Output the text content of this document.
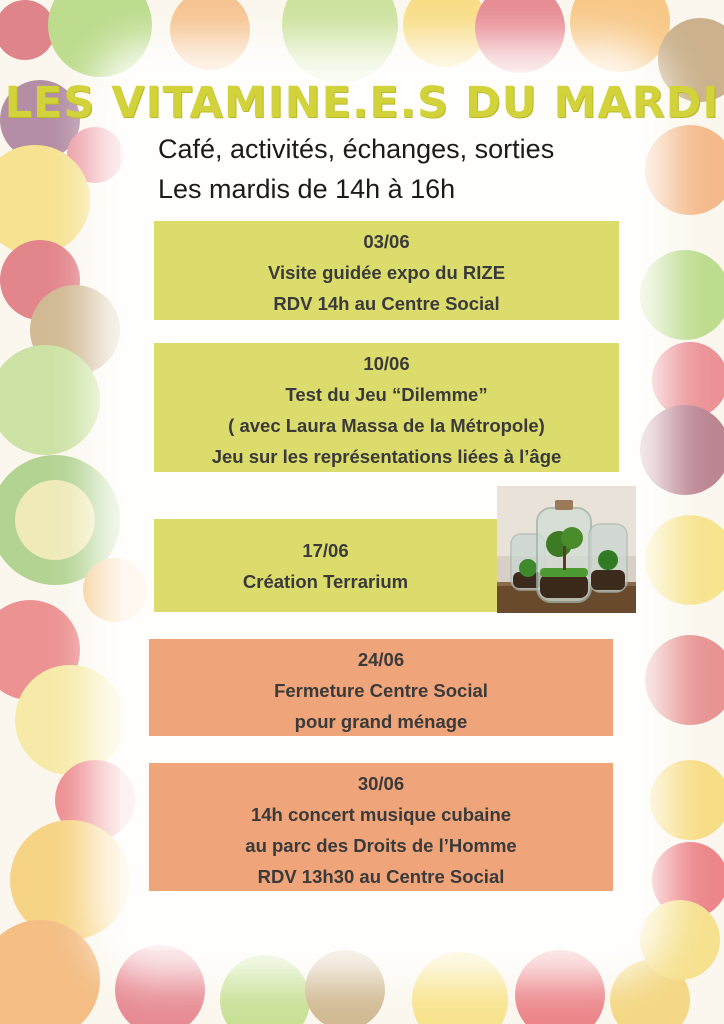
LES VITAMINE.E.S DU MARDI
Café, activités, échanges, sorties
Les mardis de 14h à 16h
03/06
Visite guidée expo du RIZE
RDV 14h au Centre Social
10/06
Test du Jeu “Dilemme”
( avec Laura Massa de la Métropole)
Jeu sur les représentations liées à l’âge
17/06
Création Terrarium
24/06
Fermeture Centre Social
pour grand ménage
30/06
14h concert musique cubaine
au parc des Droits de l’Homme
RDV 13h30 au Centre Social
